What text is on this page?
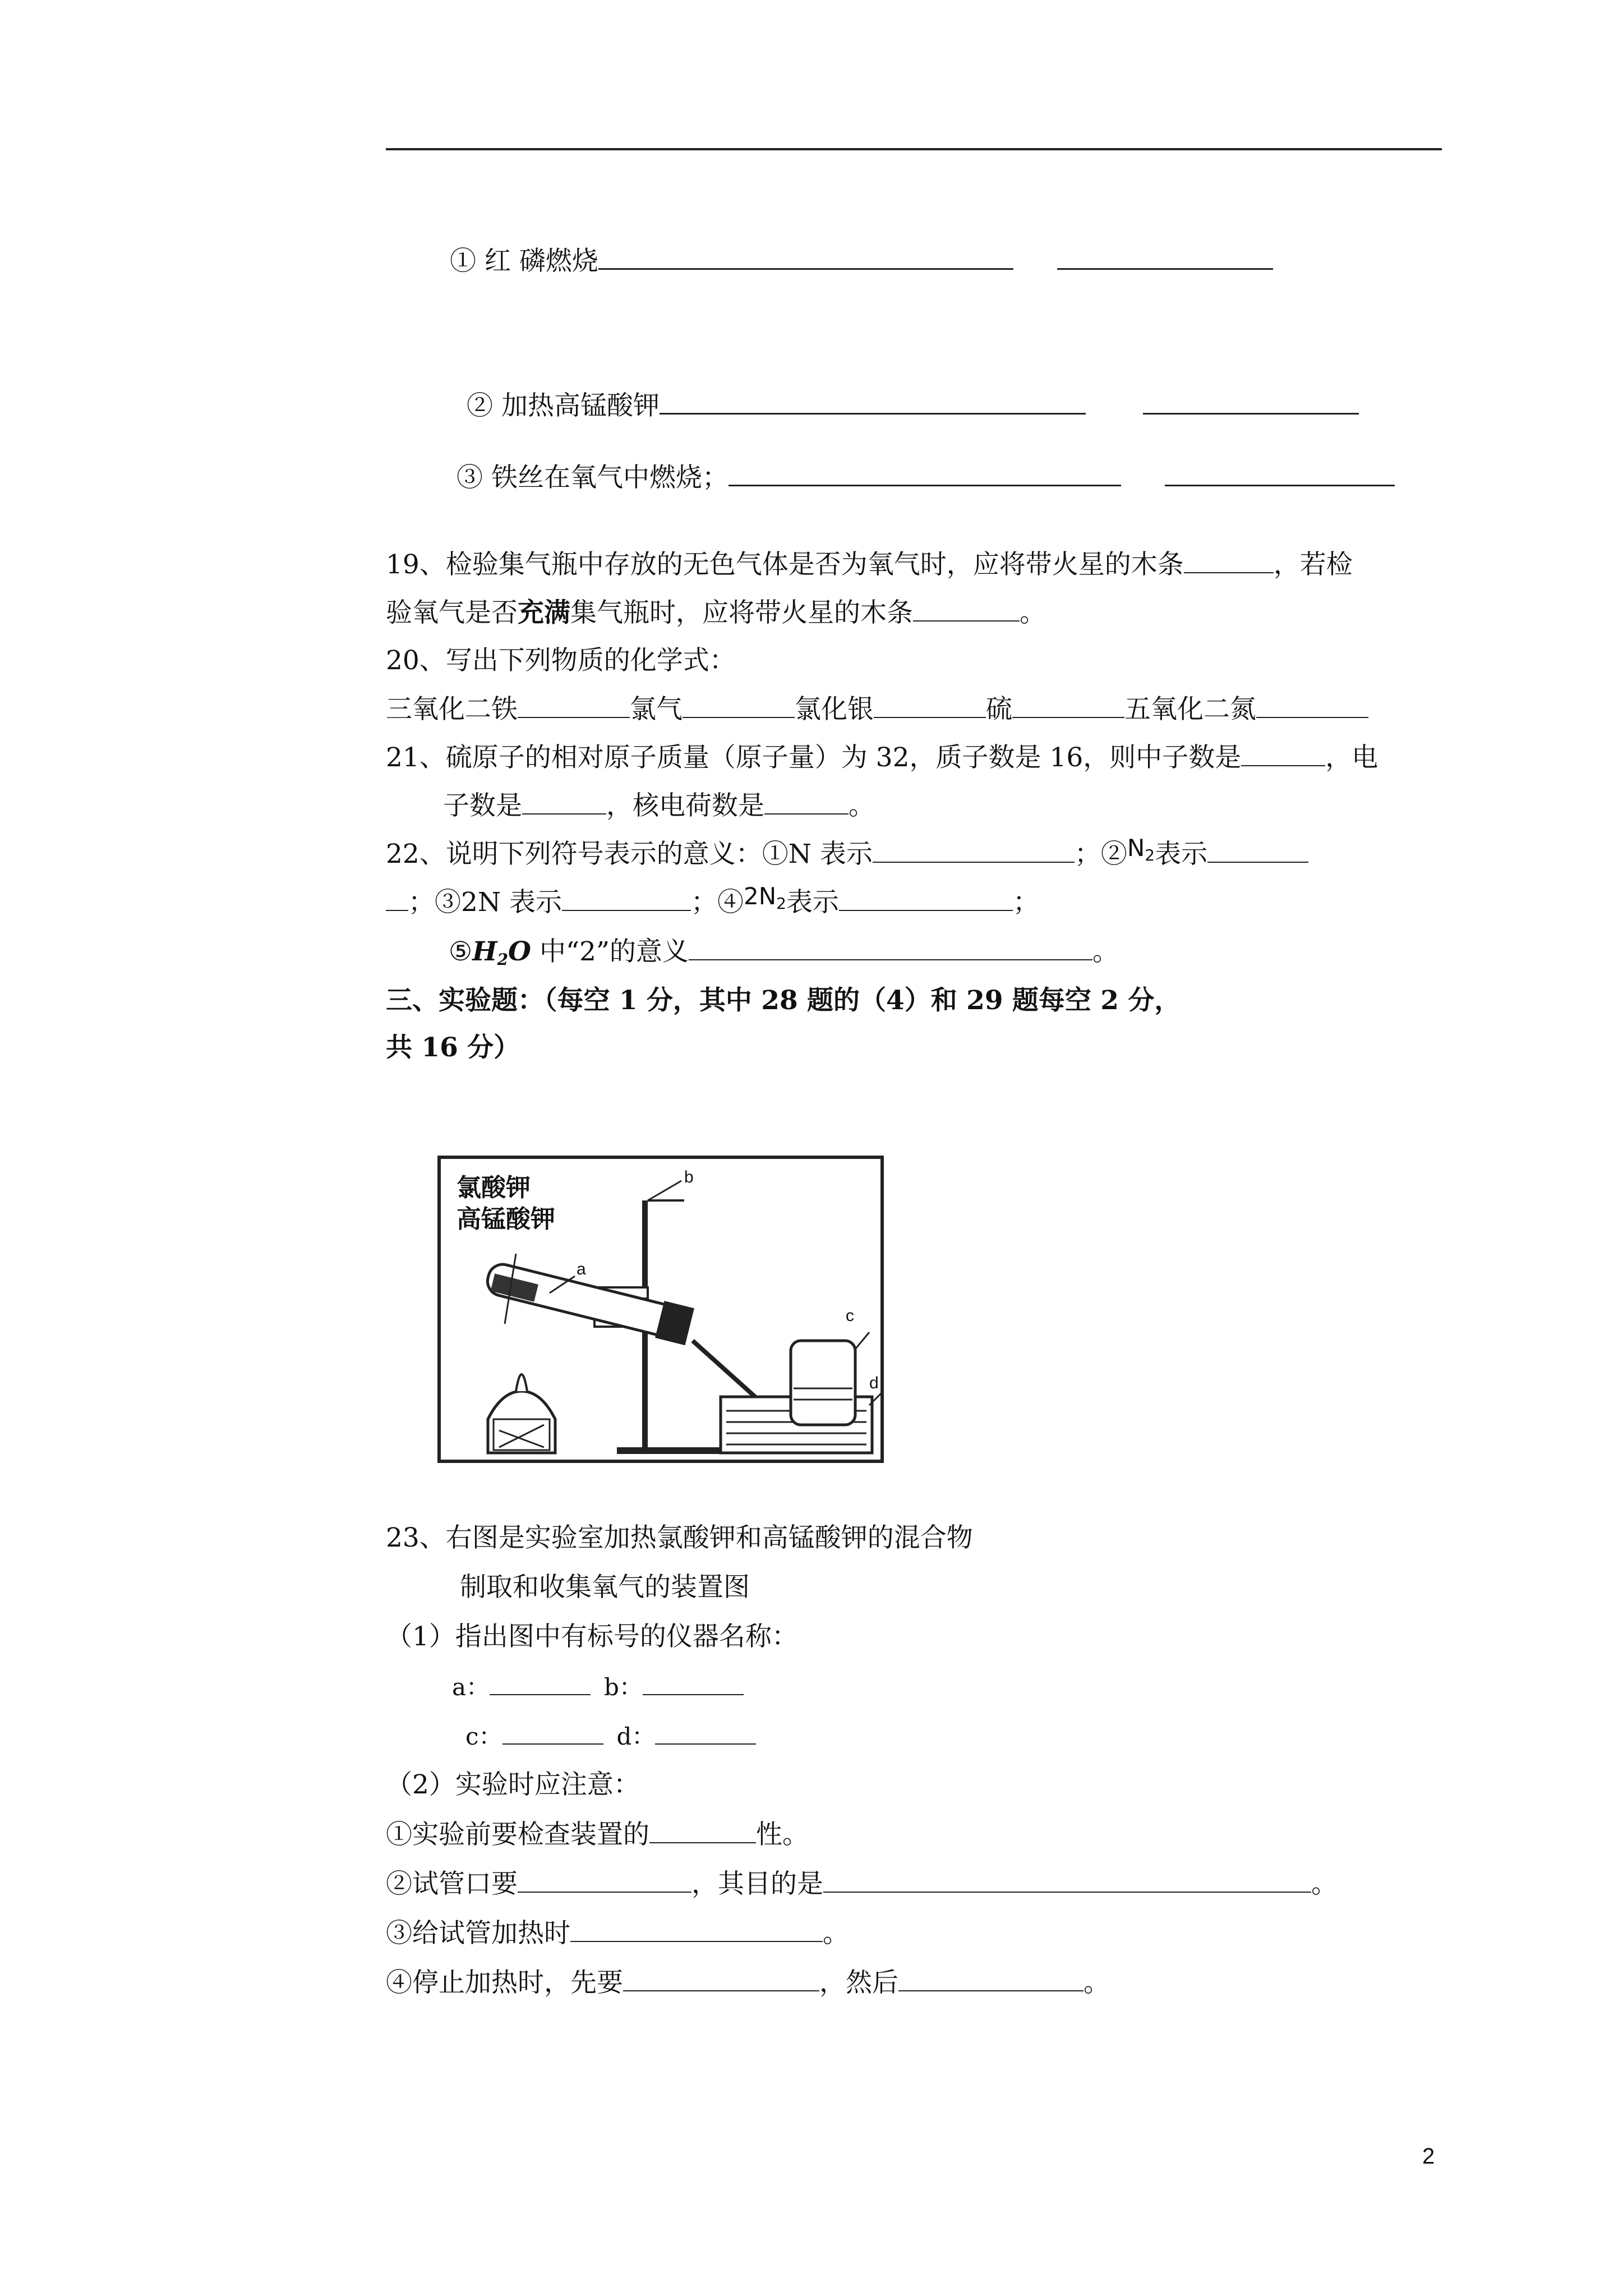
① 红 磷燃烧
② 加热高锰酸钾
③ 铁丝在氧气中燃烧；
19、检验集气瓶中存放的无色气体是否为氧气时，应将带火星的木条	，若检
验氧气是否充满集气瓶时，应将带火星的木条	。
20、写出下列物质的化学式：
三氧化二铁	氯气	氯化银	硫	五氧化二氮
21、硫原子的相对原子质量（原子量）为 32，质子数是 16，则中子数是	，电
子数是	，核电荷数是	。
22、说明下列符号表示的意义：①N 表示	；$②N_2$表示
；③2N 表示	；$④2N_2$表示	；
$⑤H_2O$ 中“2”的意义	。
三、实验题：（每空 1 分，其中 28 题的（4）和 29 题每空 2 分，
共 16 分）
氯酸钾
高锰酸钾
a
b
c
d
23、右图是实验室加热氯酸钾和高锰酸钾的混合物
制取和收集氧气的装置图
（1）指出图中有标号的仪器名称：
a：	b：
c：	d：
（2）实验时应注意：
①实验前要检查装置的	性。
②试管口要	，其目的是	。
③给试管加热时	。
④停止加热时，先要	，然后	。
2
